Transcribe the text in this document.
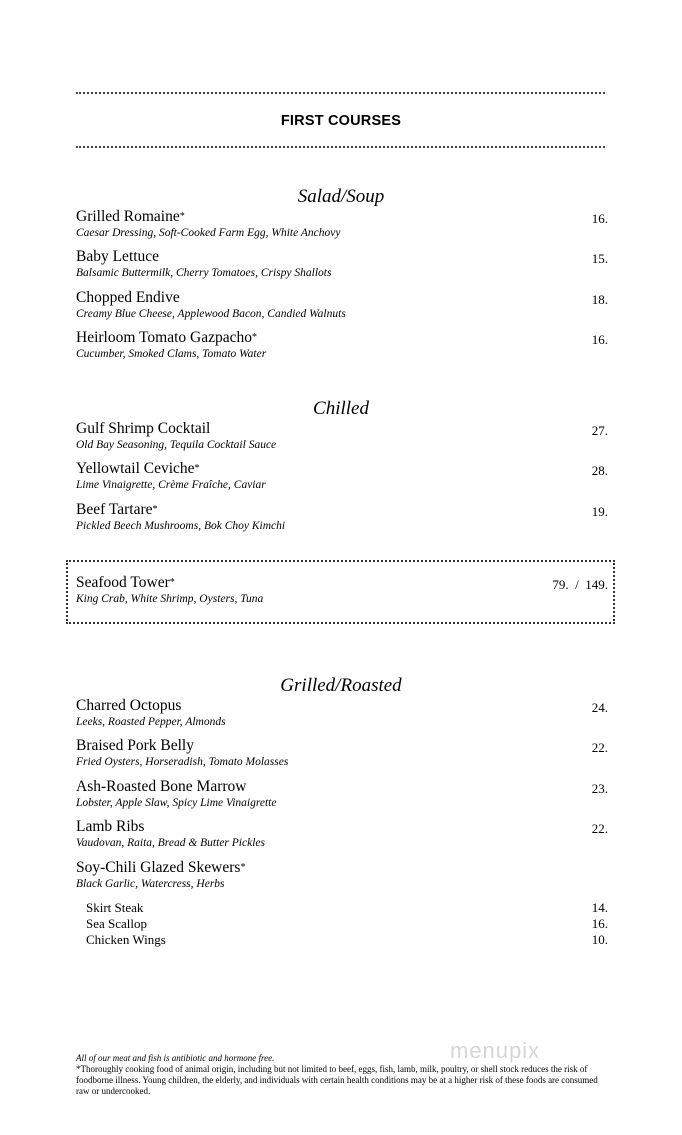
FIRST COURSES
Salad/Soup
Grilled Romaine*	16.
Caesar Dressing, Soft-Cooked Farm Egg, White Anchovy
Baby Lettuce	15.
Balsamic Buttermilk, Cherry Tomatoes, Crispy Shallots
Chopped Endive	18.
Creamy Blue Cheese, Applewood Bacon, Candied Walnuts
Heirloom Tomato Gazpacho*	16.
Cucumber, Smoked Clams, Tomato Water
Chilled
Gulf Shrimp Cocktail	27.
Old Bay Seasoning, Tequila Cocktail Sauce
Yellowtail Ceviche*	28.
Lime Vinaigrette, Crème Fraîche, Caviar
Beef Tartare*	19.
Pickled Beech Mushrooms, Bok Choy Kimchi
Seafood Tower*	79.  /  149.
King Crab, White Shrimp, Oysters, Tuna
Grilled/Roasted
Charred Octopus	24.
Leeks, Roasted Pepper, Almonds
Braised Pork Belly	22.
Fried Oysters, Horseradish, Tomato Molasses
Ash-Roasted Bone Marrow	23.
Lobster, Apple Slaw, Spicy Lime Vinaigrette
Lamb Ribs	22.
Vaudovan, Raita, Bread & Butter Pickles
Soy-Chili Glazed Skewers*
Black Garlic, Watercress, Herbs
Skirt Steak	14.
Sea Scallop	16.
Chicken Wings	10.
menupix
All of our meat and fish is antibiotic and hormone free.
*Thoroughly cooking food of animal origin, including but not limited to beef, eggs, fish, lamb, milk, poultry, or shell stock reduces the risk of foodborne illness. Young children, the elderly, and individuals with certain health conditions may be at a higher risk of these foods are consumed raw or undercooked.
